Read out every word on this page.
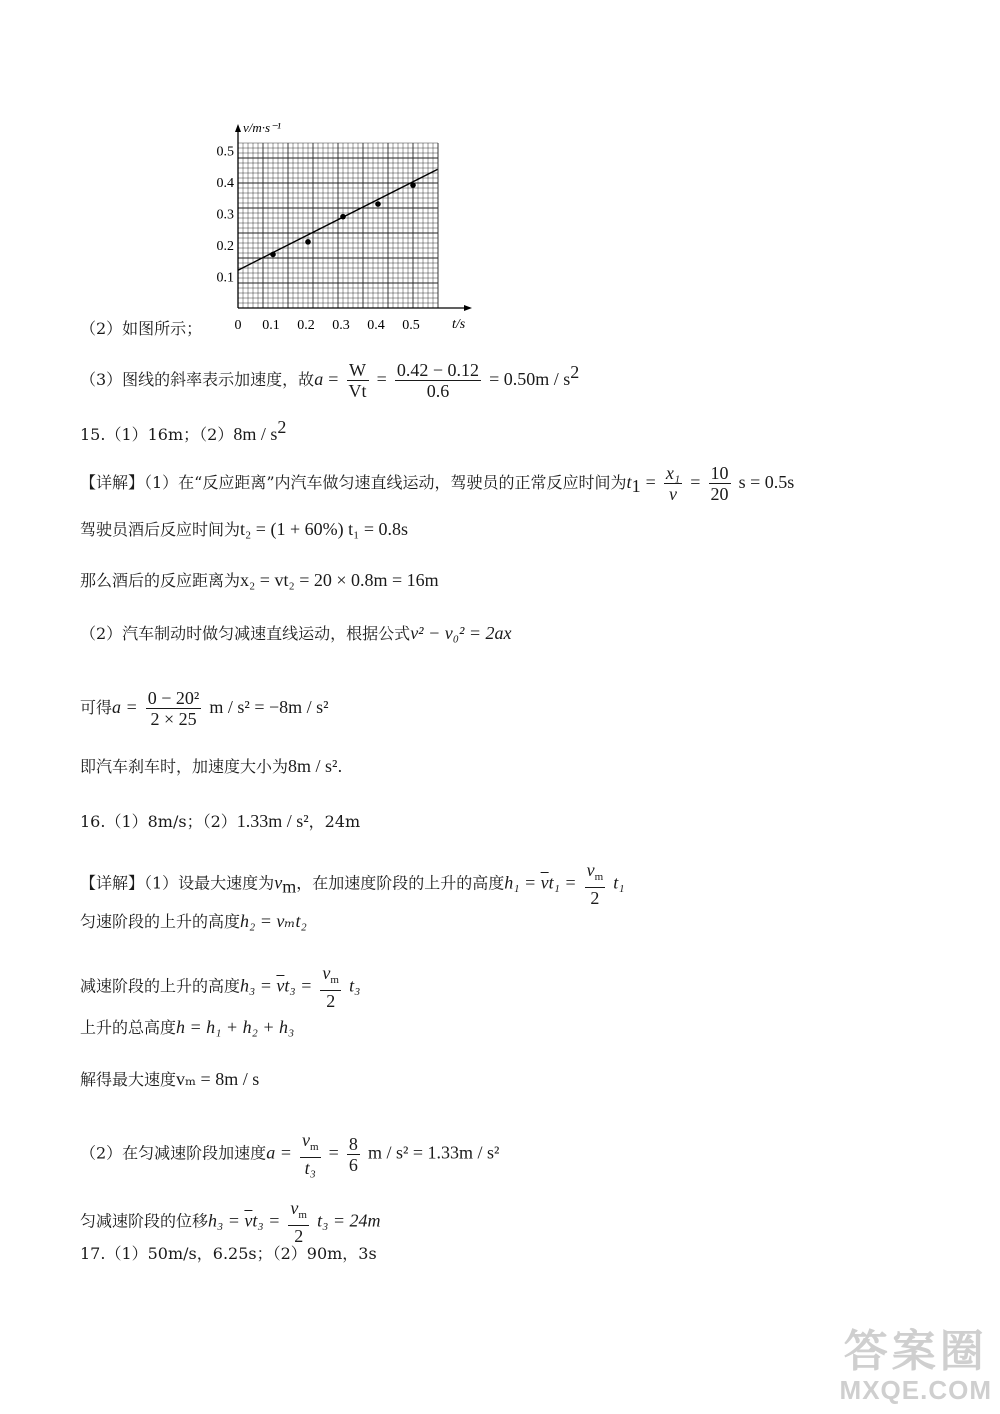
0 0.1 0.2 0.3 0.4 0.5
0.1
0.2
0.3
0.4
0.5
v/m·s⁻¹
t/s
（2）如图所示；
（3）图线的斜率表示加速度，故$a = \frac{W}{Vt} = \frac{0.42 - 0.12}{0.6} = 0.50m / s^2$
15.（1）16m；$(2)8m / s^2$
【详解】（1）在“反应距离”内汽车做匀速直线运动，驾驶员的正常反应时间为$t_1 = \frac{\text{x₁}}{v} = \frac{10}{20}$ s = 0.5s
驾驶员酒后反应时间为t₂ = (1 + 60%) t₁ = 0.8s
那么酒后的反应距离为x₂ = vt₂ = 20 × 0.8m = 16m
（2）汽车制动时做匀减速直线运动，根据公式v² − v₀² = 2ax
可得$a = \frac{\text{0 − 20²}}{2 \times 25}$ m / s² = −8m / s²
即汽车刹车时，加速度大小为8m / s².
16.（1）8m/s；（2）1.33m / s²，24m
【详解】（1）设最大速度为$v_m$，在加速度阶段的上升的高度$h_1 = \overline{v}t_1 = \frac{v_m}{2} t_1$
匀速阶段的上升的高度h₂ = vₘt₂
减速阶段的上升的高度$h_3 = \overline{v}t_3 = \frac{v_m}{2} t_3$
上升的总高度h = h₁ + h₂ + h₃
解得最大速度vₘ = 8m / s
（2）在匀减速阶段加速度$a = \frac{v_m}{\text{t₃}} = \frac{8}{6}$ m / s² = 1.33m / s²
匀减速阶段的位移$h_3 = \overline{v}t_3 = \frac{v_m}{2} t_3 = 24m$
17.（1）50m/s，6.25s；（2）90m，3s
答案圈
MXQE.COM
